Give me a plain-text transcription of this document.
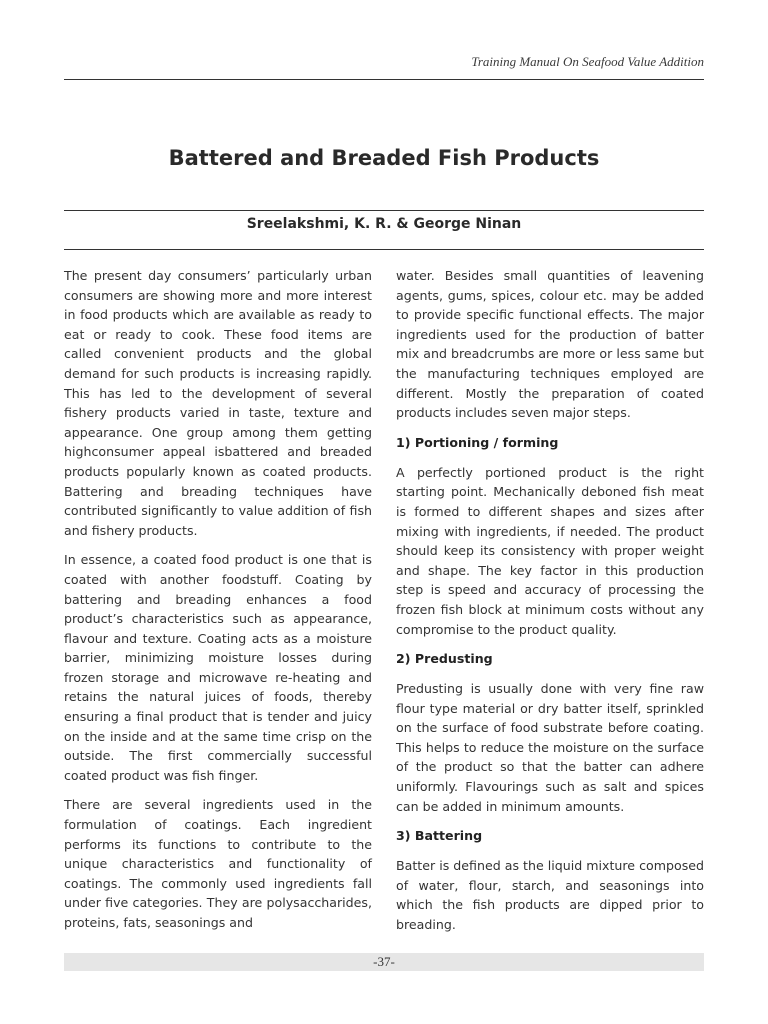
Training Manual On Seafood Value Addition
Battered and Breaded Fish Products
Sreelakshmi, K. R. & George Ninan

The present day consumers’ particularly urban consumers are showing more and more interest in food products which are available as ready to eat or ready to cook. These food items are called convenient products and the global demand for such products is increasing rapidly. This has led to the development of several fishery products varied in taste, texture and appearance. One group among them getting highconsumer appeal isbattered and breaded products popularly known as coated products. Battering and breading techniques have contributed significantly to value addition of fish and fishery products.

In essence, a coated food product is one that is coated with another foodstuff. Coating by battering and breading enhances a food product’s characteristics such as appearance, flavour and texture. Coating acts as a moisture barrier, minimizing moisture losses during frozen storage and microwave re-heating and retains the natural juices of foods, thereby ensuring a final product that is tender and juicy on the inside and at the same time crisp on the outside. The first commercially successful coated product was fish finger.

There are several ingredients used in the formulation of coatings. Each ingredient performs its functions to contribute to the unique characteristics and functionality of coatings. The commonly used ingredients fall under five categories. They are polysaccharides, proteins, fats, seasonings and

water. Besides small quantities of leavening agents, gums, spices, colour etc. may be added to provide specific functional effects. The major ingredients used for the production of batter mix and breadcrumbs are more or less same but the manufacturing techniques employed are different. Mostly the preparation of coated products includes seven major steps.

1) Portioning / forming

A perfectly portioned product is the right starting point. Mechanically deboned fish meat is formed to different shapes and sizes after mixing with ingredients, if needed. The product should keep its consistency with proper weight and shape. The key factor in this production step is speed and accuracy of processing the frozen fish block at minimum costs without any compromise to the product quality.

2) Predusting

Predusting is usually done with very fine raw flour type material or dry batter itself, sprinkled on the surface of food substrate before coating. This helps to reduce the moisture on the surface of the product so that the batter can adhere uniformly. Flavourings such as salt and spices can be added in minimum amounts.

3) Battering

Batter is defined as the liquid mixture composed of water, flour, starch, and seasonings into which the fish products are dipped prior to breading.

-37-
